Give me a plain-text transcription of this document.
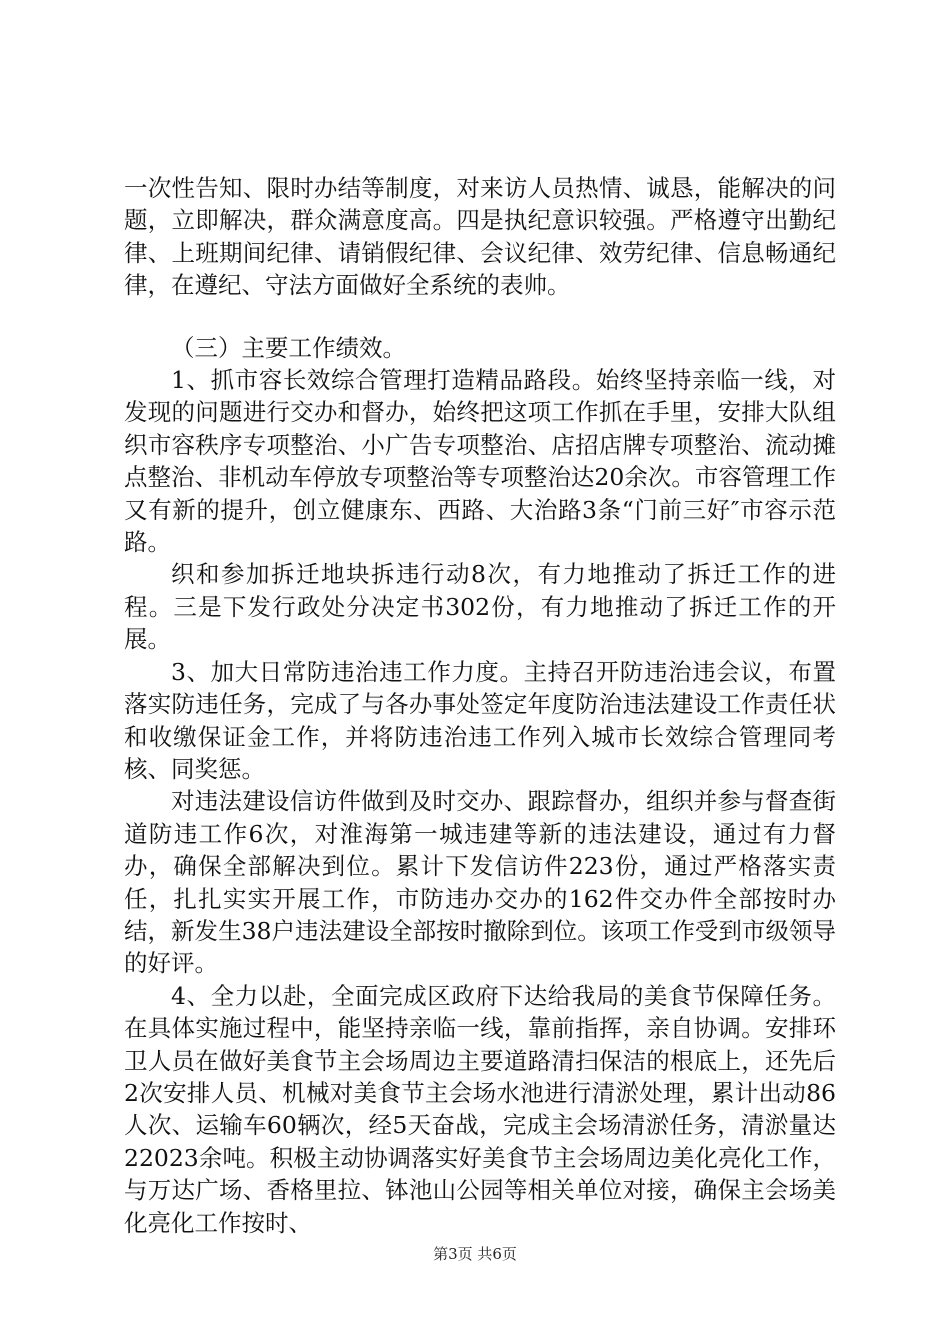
一次性告知、限时办结等制度，对来访人员热情、诚恳，能解决的问题，立即解决，群众满意度高。四是执纪意识较强。严格遵守出勤纪律、上班期间纪律、请销假纪律、会议纪律、效劳纪律、信息畅通纪律，在遵纪、守法方面做好全系统的表帅。

（三）主要工作绩效。

1、抓市容长效综合管理打造精品路段。始终坚持亲临一线，对发现的问题进行交办和督办，始终把这项工作抓在手里，安排大队组织市容秩序专项整治、小广告专项整治、店招店牌专项整治、流动摊点整治、非机动车停放专项整治等专项整治达20余次。市容管理工作又有新的提升，创立健康东、西路、大治路3条“门前三好″市容示范路。

织和参加拆迁地块拆违行动8次，有力地推动了拆迁工作的进程。三是下发行政处分决定书302份，有力地推动了拆迁工作的开展。

3、加大日常防违治违工作力度。主持召开防违治违会议，布置落实防违任务，完成了与各办事处签定年度防治违法建设工作责任状和收缴保证金工作，并将防违治违工作列入城市长效综合管理同考核、同奖惩。

对违法建设信访件做到及时交办、跟踪督办，组织并参与督查街道防违工作6次，对淮海第一城违建等新的违法建设，通过有力督办，确保全部解决到位。累计下发信访件223份，通过严格落实责任，扎扎实实开展工作，市防违办交办的162件交办件全部按时办结，新发生38户违法建设全部按时撤除到位。该项工作受到市级领导的好评。

4、全力以赴，全面完成区政府下达给我局的美食节保障任务。在具体实施过程中，能坚持亲临一线，靠前指挥，亲自协调。安排环卫人员在做好美食节主会场周边主要道路清扫保洁的根底上，还先后2次安排人员、机械对美食节主会场水池进行清淤处理，累计出动86人次、运输车60辆次，经5天奋战，完成主会场清淤任务，清淤量达22023余吨。积极主动协调落实好美食节主会场周边美化亮化工作，与万达广场、香格里拉、钵池山公园等相关单位对接，确保主会场美化亮化工作按时、

第3页 共6页
